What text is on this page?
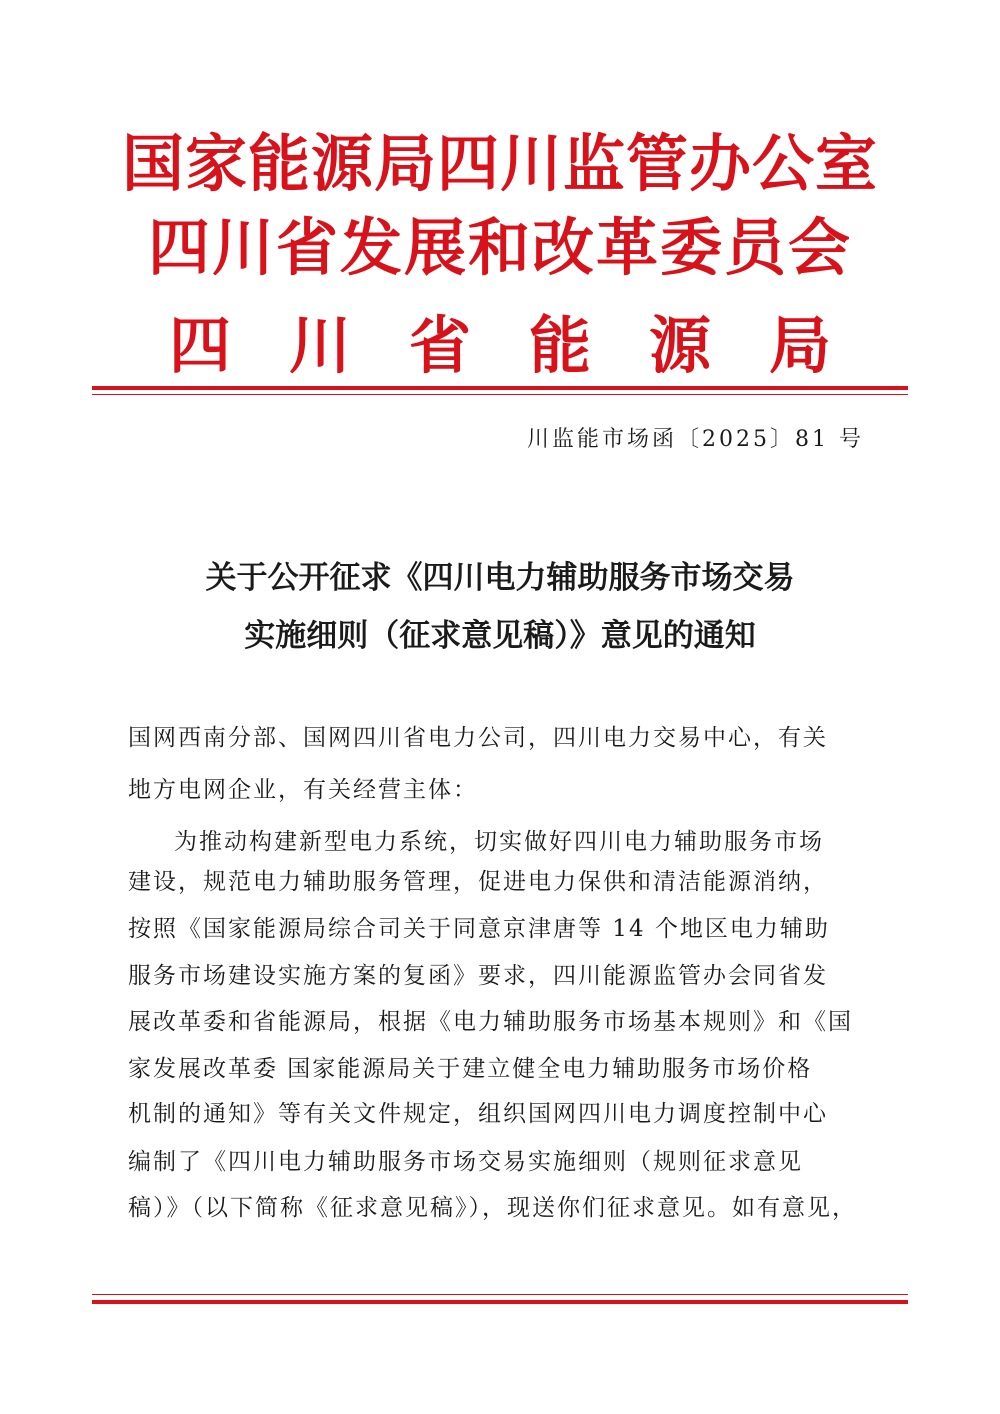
国家能源局四川监管办公室
四川省发展和改革委员会
四川省能源局
川监能市场函〔2025〕81 号
关于公开征求《四川电力辅助服务市场交易
实施细则（征求意见稿）》意见的通知
国网西南分部、国网四川省电力公司，四川电力交易中心，有关
地方电网企业，有关经营主体：
为推动构建新型电力系统，切实做好四川电力辅助服务市场
建设，规范电力辅助服务管理，促进电力保供和清洁能源消纳，
按照《国家能源局综合司关于同意京津唐等 14 个地区电力辅助
服务市场建设实施方案的复函》要求，四川能源监管办会同省发
展改革委和省能源局，根据《电力辅助服务市场基本规则》和《国
家发展改革委 国家能源局关于建立健全电力辅助服务市场价格
机制的通知》等有关文件规定，组织国网四川电力调度控制中心
编制了《四川电力辅助服务市场交易实施细则（规则征求意见
稿）》（以下简称《征求意见稿》），现送你们征求意见。如有意见，
